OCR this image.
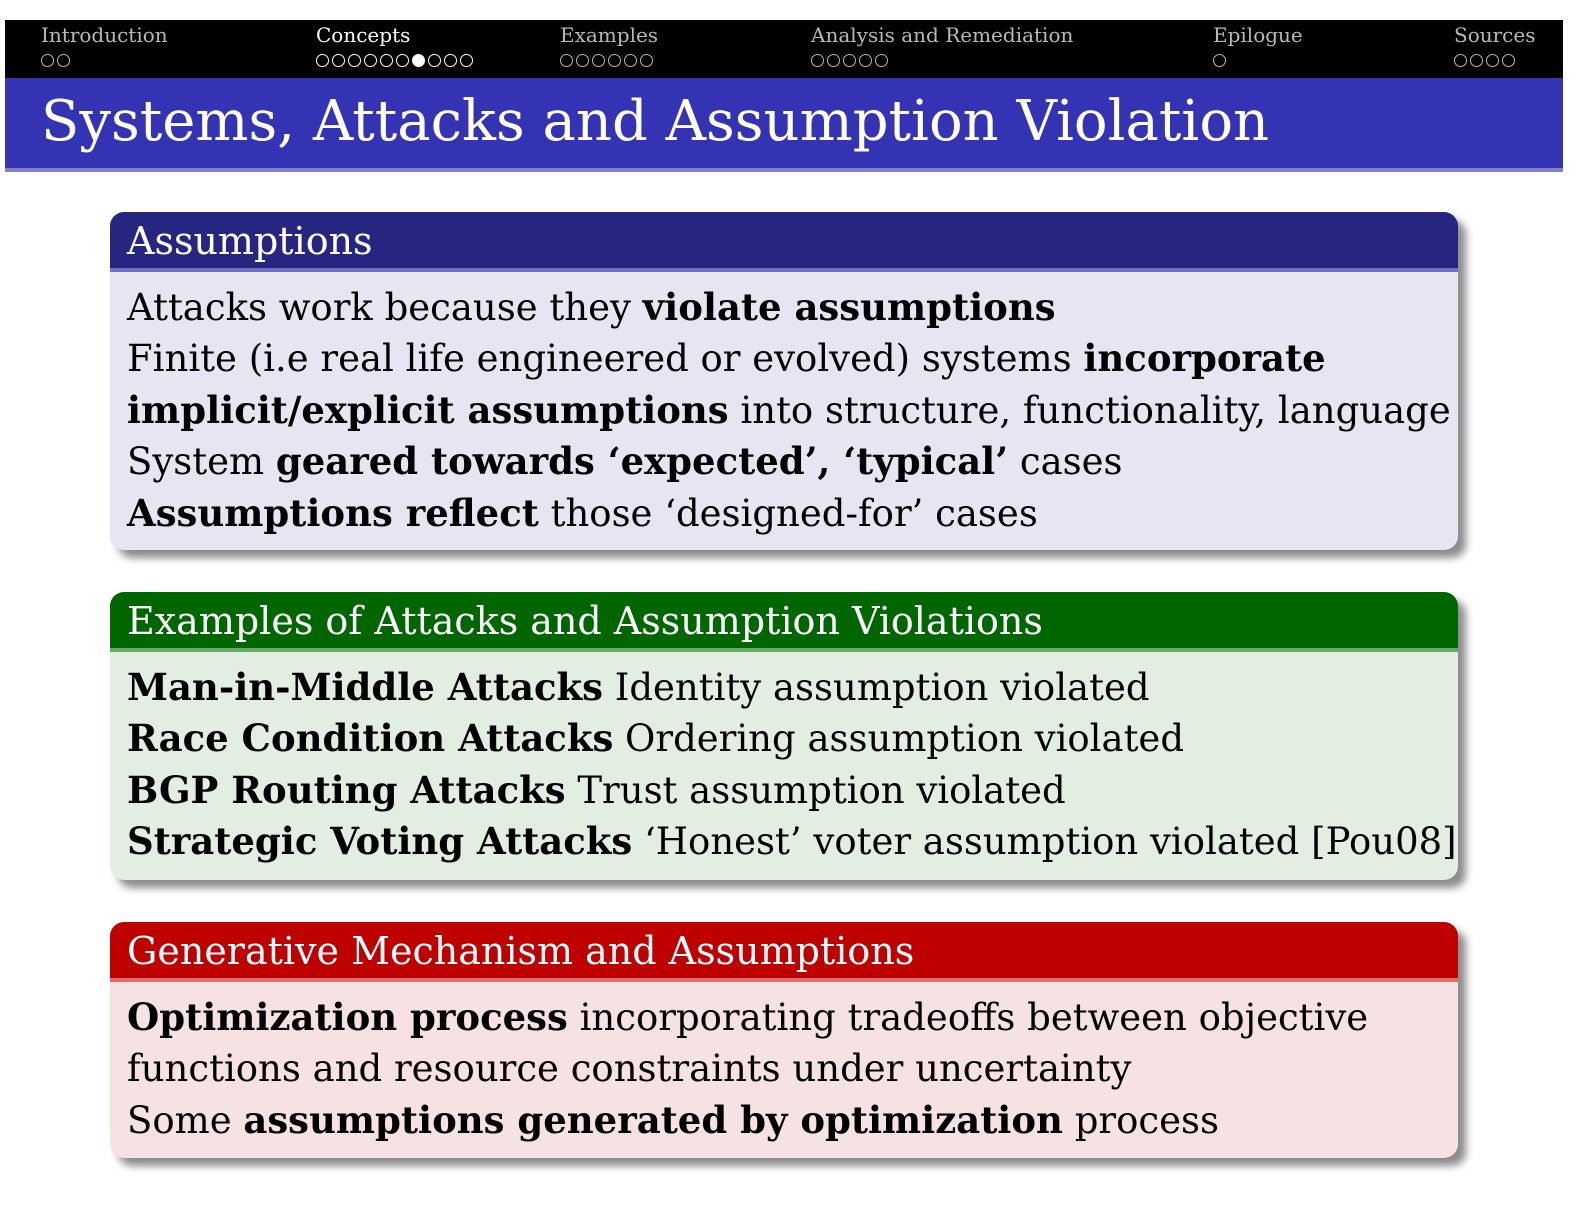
Introduction	Concepts	Examples	Analysis and Remediation	Epilogue	Sources
Systems, Attacks and Assumption Violation
Assumptions
Attacks work because they violate assumptions
Finite (i.e real life engineered or evolved) systems incorporate
implicit/explicit assumptions into structure, functionality, language
System geared towards ‘expected’, ‘typical’ cases
Assumptions reflect those ‘designed-for’ cases
Examples of Attacks and Assumption Violations
Man-in-Middle Attacks Identity assumption violated
Race Condition Attacks Ordering assumption violated
BGP Routing Attacks Trust assumption violated
Strategic Voting Attacks ‘Honest’ voter assumption violated [Pou08]
Generative Mechanism and Assumptions
Optimization process incorporating tradeoffs between objective
functions and resource constraints under uncertainty
Some assumptions generated by optimization process
